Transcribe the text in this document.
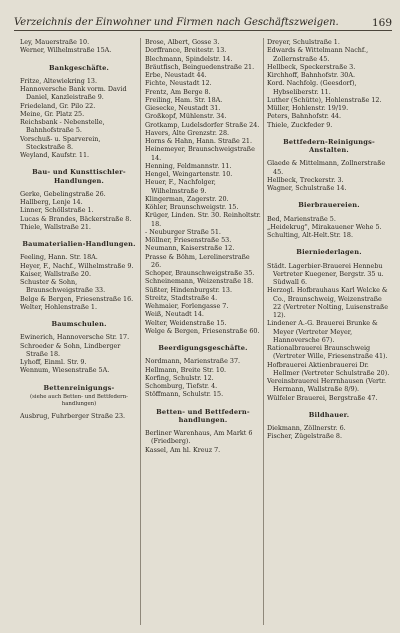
Verzeichnis der Einwohner und Firmen nach Geschäftszweigen.	169
Ley, Mauerstraße 10.
Werner, Wilhelmstraße 15A.
Bankgeschäfte.
Fritze, Altewiekring 13.
Hannoversche Bank vorm. David Daniel, Kanzleistraße 9.
Friedeland, Gr. Pilo 22.
Meine, Gr. Platz 25.
Reichsbank - Nebenstelle, Bahnhofstraße 5.
Vorschuß- u. Sparverein, Steckstraße 8.
Weyland, Kaufstr. 11.
Bau- und Kunsttischler-Handlungen.
Gerke, Gebelingstraße 26.
Hallberg, Lenje 14.
Linner, Schöllstraße 1.
Lucas & Brandes, Bäckerstraße 8.
Thiele, Wallstraße 21.
Baumaterialien-Handlungen.
Feeling, Hann. Str. 18A.
Heyer, F., Nachf., Wilhelmstraße 9.
Kaiser, Wallstraße 20.
Schuster & Sohn, Braunschweigstraße 33.
Belge & Bergen, Friesenstraße 16.
Welter, Hohlenstraße 1.
Baumschulen.
Ewinerich, Hannoversche Str. 17.
Schroeder & Sohn, Lindberger Straße 18.
Lyhoff, Einml. Str. 9.
Wennum, Wiesenstraße 5A.
Bettenreinigungs-
(siehe auch Betten- und Bettfedern-handlungen)
Ausbrug, Fuhrberger Straße 23.
Brose, Albert, Gosse 3.
Dorffrance, Breitestr. 13.
Blechmann, Spindelstr. 14.
Bräutfisch, Beinguedenstraße 21.
Erbe, Neustadt 44.
Fichte, Neustadt 12.
Frentz, Am Berge 8.
Freiling, Ham. Str. 18A.
Giesecke, Neustadt 31.
Großkopf, Mühlenstr. 34.
Grotkamp, Ludelsdorfer Straße 24.
Havers, Alte Grenzstr. 28.
Horns & Hahn, Hann. Straße 21.
Heinemeyer, Braunschweigstraße 14.
Henning, Feldmannstr. 11.
Hengel, Weingartenstr. 10.
Heuer, F., Nachfolger, Wilhelmstraße 9.
Klingerman, Zagerstr. 20.
Köhler, Braunschweigstr. 15.
Krüger, Linden. Str. 30. Reinholtstr. 18.
- Neuburger Straße 51.
Möllner, Friesenstraße 53.
Neumann, Kaiserstraße 12.
Prasse & Böhm, Lerelinerstraße 26.
Schoper, Braunschweigstraße 35.
Schneinemann, Weizenstraße 18.
Süßter, Hindenburgstr. 13.
Streitz, Stadtstraße 4.
Wehmaier, Forlengasse 7.
Weiß, Neutadt 14.
Welter, Weidenstraße 15.
Welge & Bergen, Friesenstraße 60.
Beerdigungsgeschäfte.
Nordmann, Marienstraße 37.
Hellmann, Breite Str. 10.
Korfing, Schulstr. 12.
Schomburg, Tiefstr. 4.
Stöffmann, Schulstr. 15.
Betten- und Bettfedern-handlungen.
Berliner Warenhaus, Am Markt 6 (Friedberg).
Kassel, Am hl. Kreuz 7.
Dreyer, Schulstraße 1.
Edwards & Wittelmann Nachf., Zollernstraße 45.
Hellbeck, Speckerstraße 3.
Kirchhoff, Bahnhofstr. 30A.
Kord. Nachfolg. (Geesdorf), Hybseliberstr. 11.
Luther (Schütte), Hohlenstraße 12.
Müller, Hohlenstr. 19/19.
Peters, Bahnhofstr. 44.
Thiele, Zuckfeder 9.
Bettfedern-Reinigungs-Anstalten.
Glaede & Mittelmann, Zollnerstraße 45.
Hellbeck, Treckerstr. 3.
Wagner, Schulstraße 14.
Bierbrauereien.
Bed, Marienstraße 5.
„Heidekrug", Mirakauener Wehe 5.
Schulting, Alt-Helt.Str. 18.
Bierniederlagen.
Städt. Lagerbier-Brauerei Hennebu Vertreter Kuegener, Bergstr. 35 u. Südwall 6.
Herzogl. Hofbrauhaus Karl Welcke & Co., Braunschweig, Weizenstraße 22 (Vertreter Nolting, Luisenstraße 12).
Lindener A.-G. Brauerei Brunke & Meyer (Vertreter Meyer, Hannoversche 67).
Rationalbrauerei Braunschweig (Vertreter Wille, Friesenstraße 41).
Hofbrauerei Aktienbrauerei Dr. Hellmer (Vertreter Schulstraße 20).
Vereinsbrauerei Herrnhausen (Vertr. Hermann, Wallstraße 8/9).
Wülfeler Brauerei, Bergstraße 47.
Bildhauer.
Diekmann, Zöllnerstr. 6.
Fischer, Zügelstraße 8.
